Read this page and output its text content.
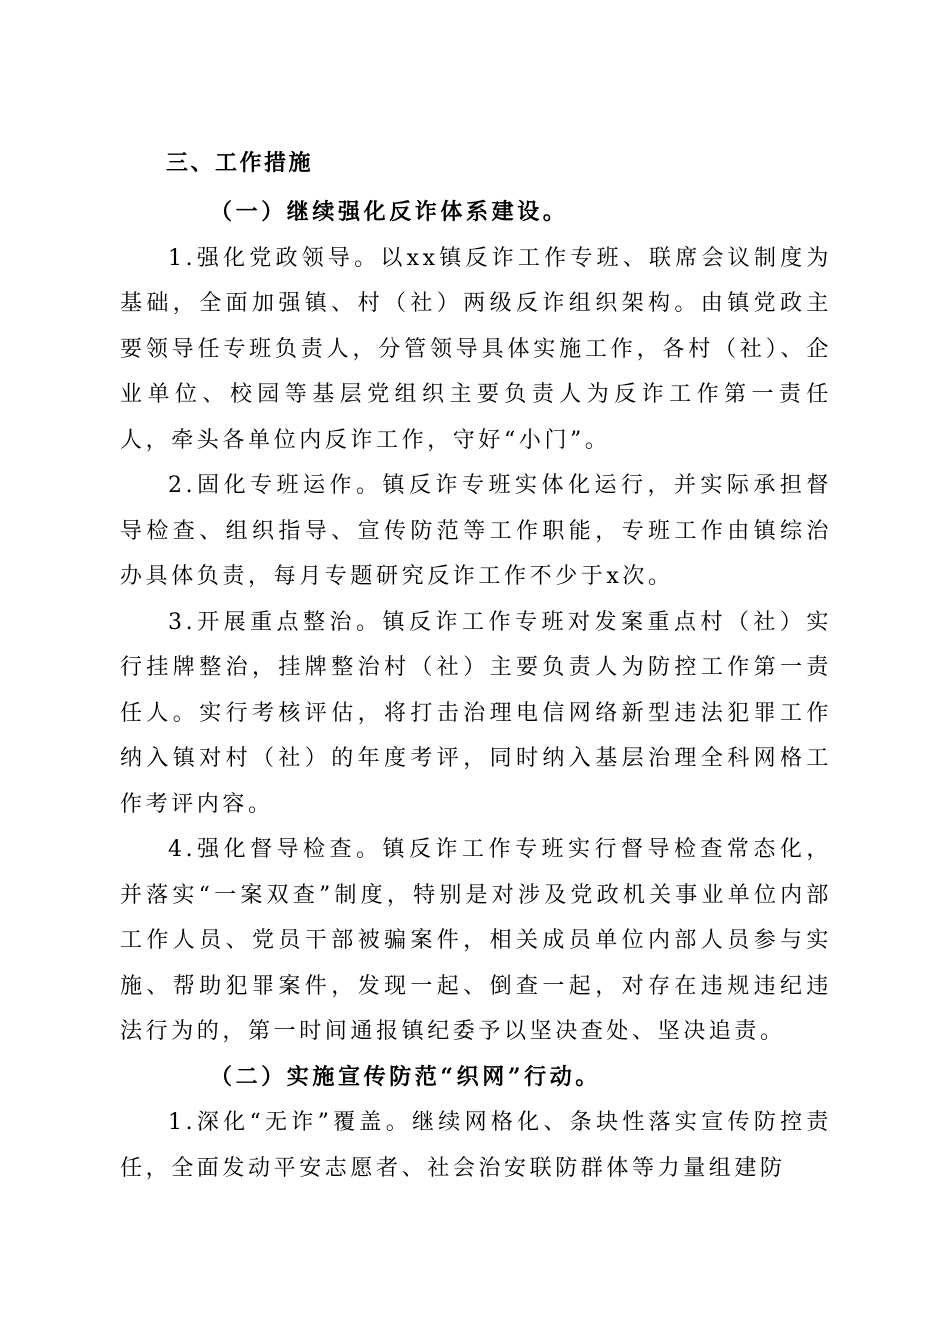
三、工作措施

（一）继续强化反诈体系建设。

1.强化党政领导。以xx镇反诈工作专班、联席会议制度为基础，全面加强镇、村（社）两级反诈组织架构。由镇党政主要领导任专班负责人，分管领导具体实施工作，各村（社）、企业单位、校园等基层党组织主要负责人为反诈工作第一责任人，牵头各单位内反诈工作，守好“小门”。

2.固化专班运作。镇反诈专班实体化运行，并实际承担督导检查、组织指导、宣传防范等工作职能，专班工作由镇综治办具体负责，每月专题研究反诈工作不少于x次。

3.开展重点整治。镇反诈工作专班对发案重点村（社）实行挂牌整治，挂牌整治村（社）主要负责人为防控工作第一责任人。实行考核评估，将打击治理电信网络新型违法犯罪工作纳入镇对村（社）的年度考评，同时纳入基层治理全科网格工作考评内容。

4.强化督导检查。镇反诈工作专班实行督导检查常态化，并落实“一案双查”制度，特别是对涉及党政机关事业单位内部工作人员、党员干部被骗案件，相关成员单位内部人员参与实施、帮助犯罪案件，发现一起、倒查一起，对存在违规违纪违法行为的，第一时间通报镇纪委予以坚决查处、坚决追责。

（二）实施宣传防范“织网”行动。

1.深化“无诈”覆盖。继续网格化、条块性落实宣传防控责任，全面发动平安志愿者、社会治安联防群体等力量组建防
